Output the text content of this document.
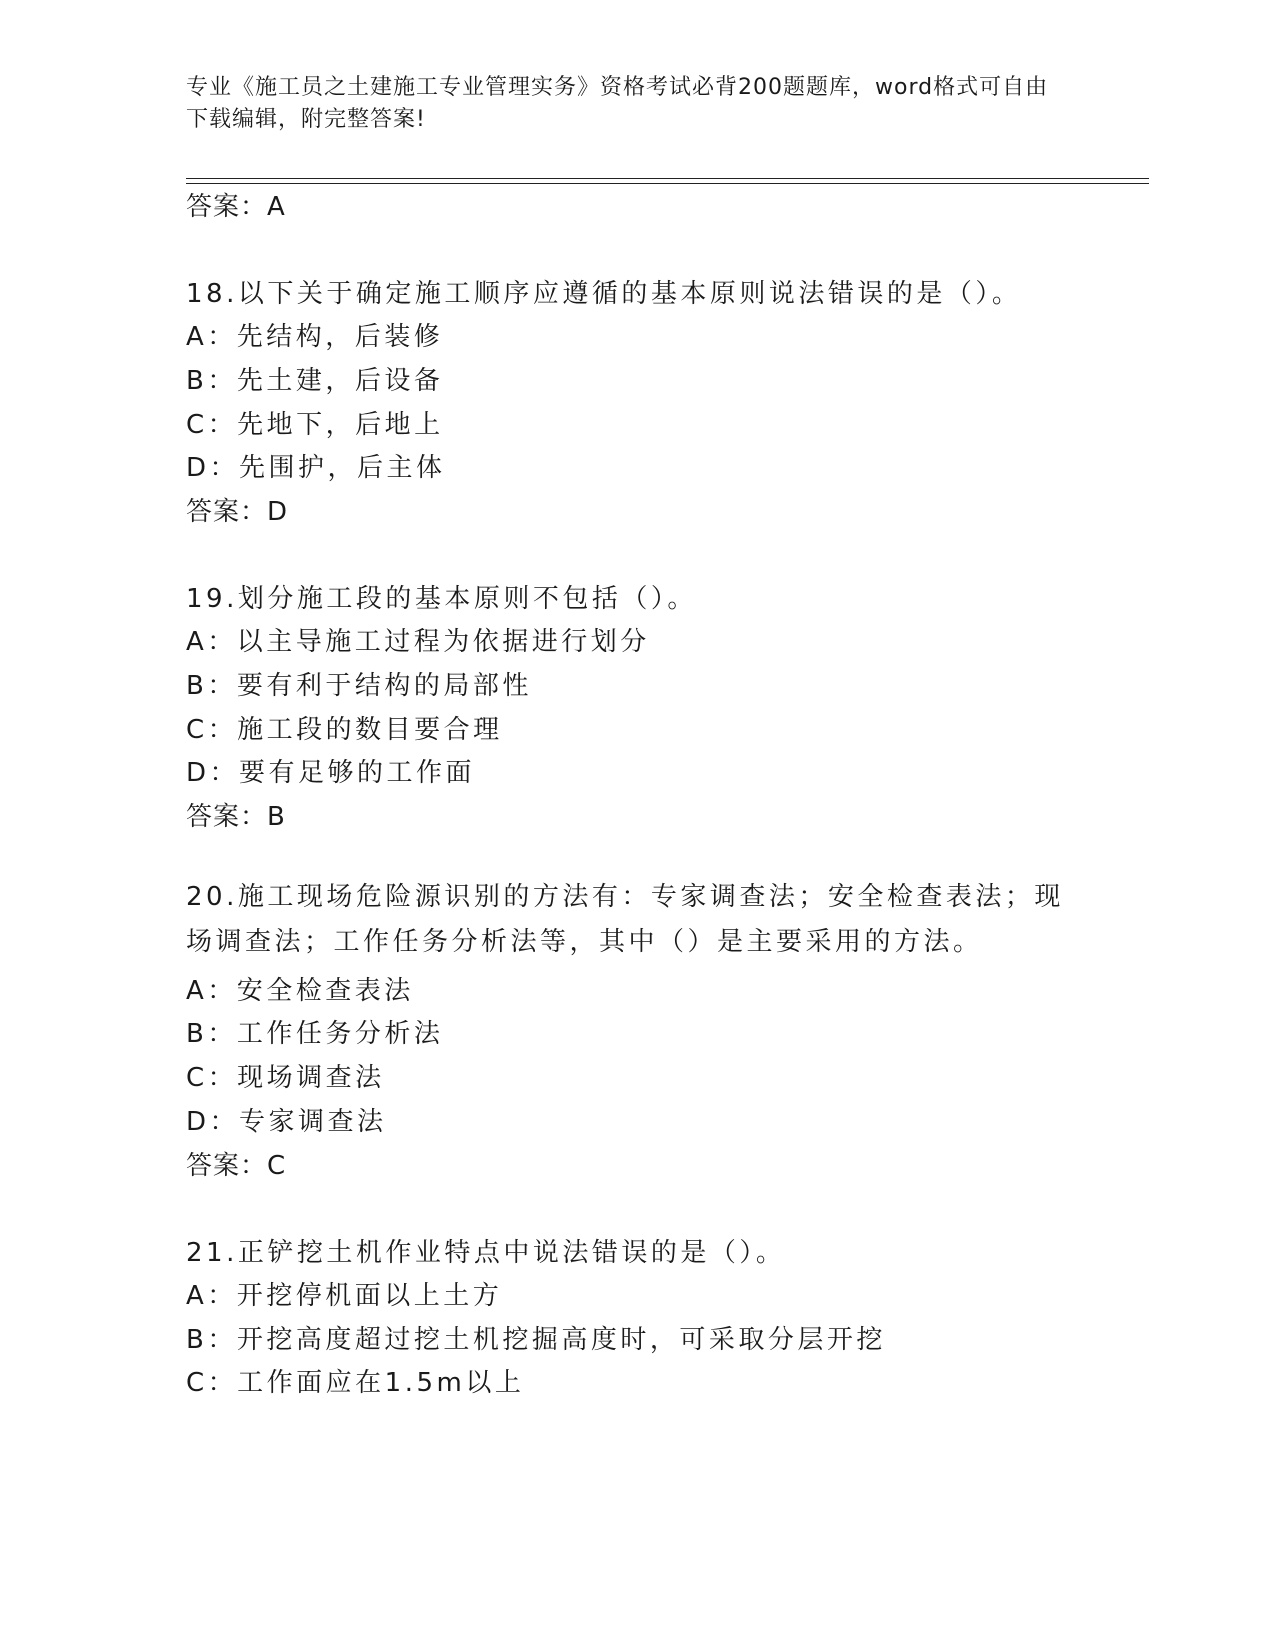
专业《施工员之土建施工专业管理实务》资格考试必背200题题库，word格式可自由下载编辑，附完整答案!
答案：A
18.以下关于确定施工顺序应遵循的基本原则说法错误的是（）。
A：先结构，后装修
B：先土建，后设备
C：先地下，后地上
D：先围护，后主体
答案：D
19.划分施工段的基本原则不包括（）。
A：以主导施工过程为依据进行划分
B：要有利于结构的局部性
C：施工段的数目要合理
D：要有足够的工作面
答案：B
20.施工现场危险源识别的方法有：专家调查法；安全检查表法；现场调查法；工作任务分析法等，其中（）是主要采用的方法。
A：安全检查表法
B：工作任务分析法
C：现场调查法
D：专家调查法
答案：C
21.正铲挖土机作业特点中说法错误的是（）。
A：开挖停机面以上土方
B：开挖高度超过挖土机挖掘高度时，可采取分层开挖
C：工作面应在1.5m以上
